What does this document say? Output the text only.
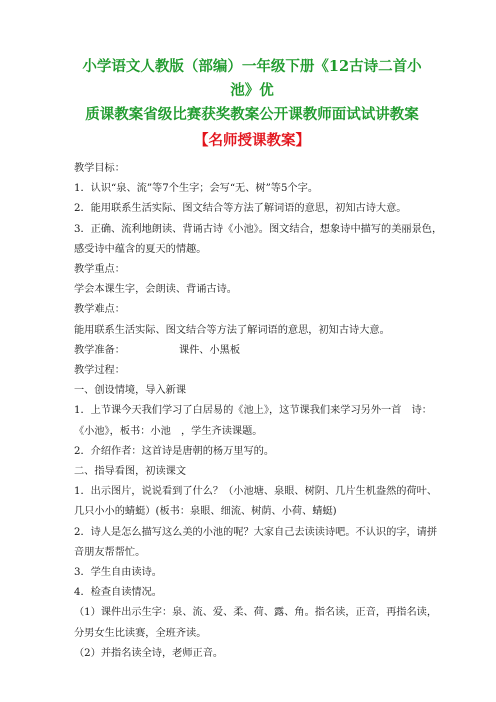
小学语文人教版（部编）一年级下册《12古诗二首小池》优

质课教案省级比赛获奖教案公开课教师面试试讲教案

【名师授课教案】

教学目标：

1．认识“泉、流”等7个生字；会写“无、树”等5个字。

2．能用联系生活实际、图文结合等方法了解词语的意思，初知古诗大意。

3．正确、流利地朗读、背诵古诗《小池》。图文结合，想象诗中描写的美丽景色，

感受诗中蕴含的夏天的情趣。

教学重点：

学会本课生字，会朗读、背诵古诗。

教学难点：

能用联系生活实际、图文结合等方法了解词语的意思，初知古诗大意。

教学准备：	课件、小黑板

教学过程：

一、创设情境，导入新课

1．上节课今天我们学习了白居易的《池上》，这节课我们来学习另外一首　诗：

《小池》，板书：小池　，学生齐读课题。

2．介绍作者：这首诗是唐朝的杨万里写的。

二、指导看图，初读课文

1．出示图片，说说看到了什么？（小池塘、泉眼、树阴、几片生机盎然的荷叶、

几只小小的蜻蜓）(板书：泉眼、细流、树荫、小荷、蜻蜓)

2．诗人是怎么描写这么美的小池的呢？大家自己去读读诗吧。不认识的字，请拼

音朋友帮帮忙。

3．学生自由读诗。

4．检查自读情况。

（1）课件出示生字：泉、流、爱、柔、荷、露、角。指名读，正音，再指名读，

分男女生比读赛，全班齐读。

（2）并指名读全诗，老师正音。
